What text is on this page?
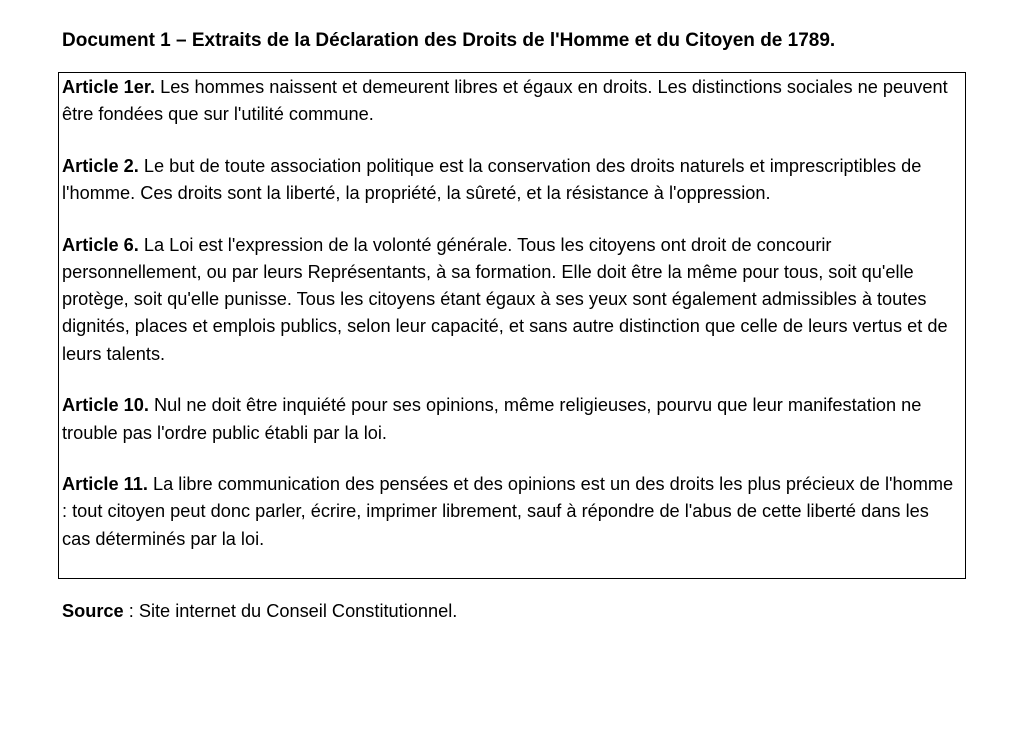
Document 1 – Extraits de la Déclaration des Droits de l'Homme et du Citoyen de 1789.

Article 1er. Les hommes naissent et demeurent libres et égaux en droits. Les distinctions sociales ne peuvent être fondées que sur l'utilité commune.

Article 2. Le but de toute association politique est la conservation des droits naturels et imprescriptibles de l'homme. Ces droits sont la liberté, la propriété, la sûreté, et la résistance à l'oppression.

Article 6. La Loi est l'expression de la volonté générale. Tous les citoyens ont droit de concourir personnellement, ou par leurs Représentants, à sa formation. Elle doit être la même pour tous, soit qu'elle protège, soit qu'elle punisse. Tous les citoyens étant égaux à ses yeux sont également admissibles à toutes dignités, places et emplois publics, selon leur capacité, et sans autre distinction que celle de leurs vertus et de leurs talents.

Article 10. Nul ne doit être inquiété pour ses opinions, même religieuses, pourvu que leur manifestation ne trouble pas l'ordre public établi par la loi.

Article 11. La libre communication des pensées et des opinions est un des droits les plus précieux de l'homme : tout citoyen peut donc parler, écrire, imprimer librement, sauf à répondre de l'abus de cette liberté dans les cas déterminés par la loi.

Source : Site internet du Conseil Constitutionnel.
